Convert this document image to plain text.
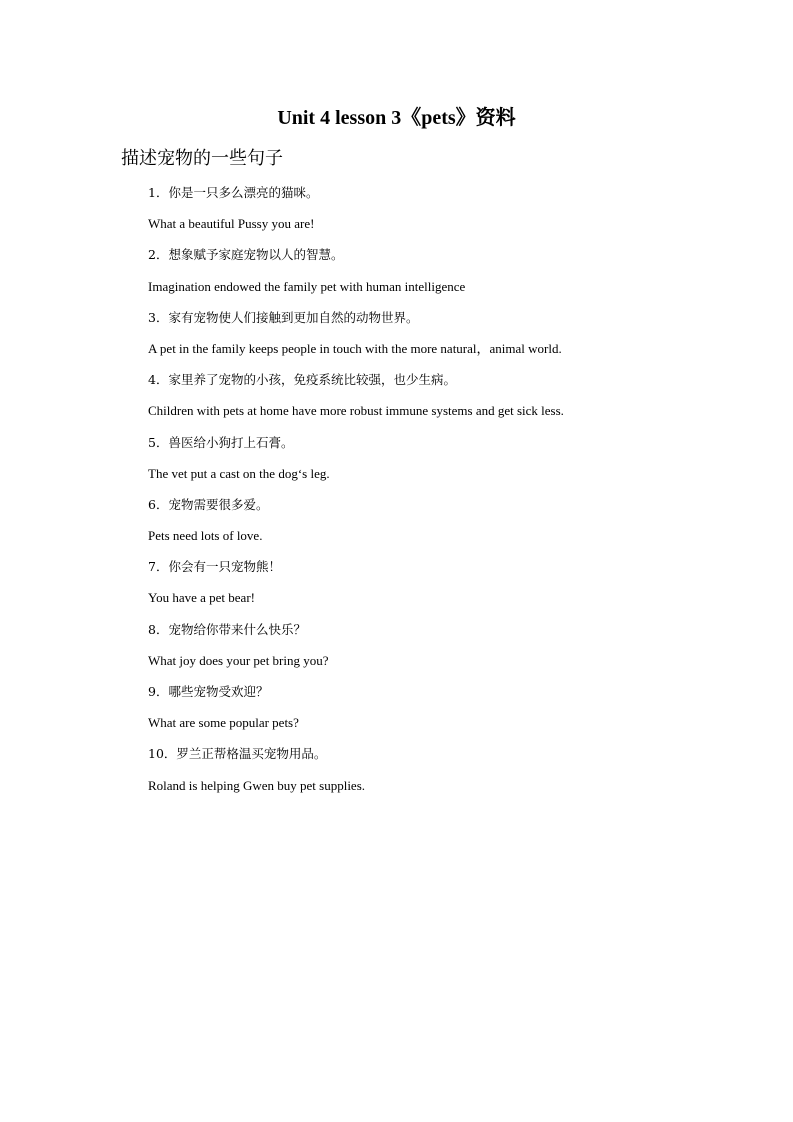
Unit 4 lesson 3《pets》资料
描述宠物的一些句子
1．你是一只多么漂亮的猫咪。
What a beautiful Pussy you are!
2．想象赋予家庭宠物以人的智慧。
Imagination endowed the family pet with human intelligence
3．家有宠物使人们接触到更加自然的动物世界。
A pet in the family keeps people in touch with the more natural，animal world.
4．家里养了宠物的小孩，免疫系统比较强，也少生病。
Children with pets at home have more robust immune systems and get sick less.
5．兽医给小狗打上石膏。
The vet put a cast on the dog‘s leg.
6．宠物需要很多爱。
Pets need lots of love.
7．你会有一只宠物熊！
You have a pet bear!
8．宠物给你带来什么快乐？
What joy does your pet bring you?
9．哪些宠物受欢迎？
What are some popular pets?
10．罗兰正帮格温买宠物用品。
Roland is helping Gwen buy pet supplies.
